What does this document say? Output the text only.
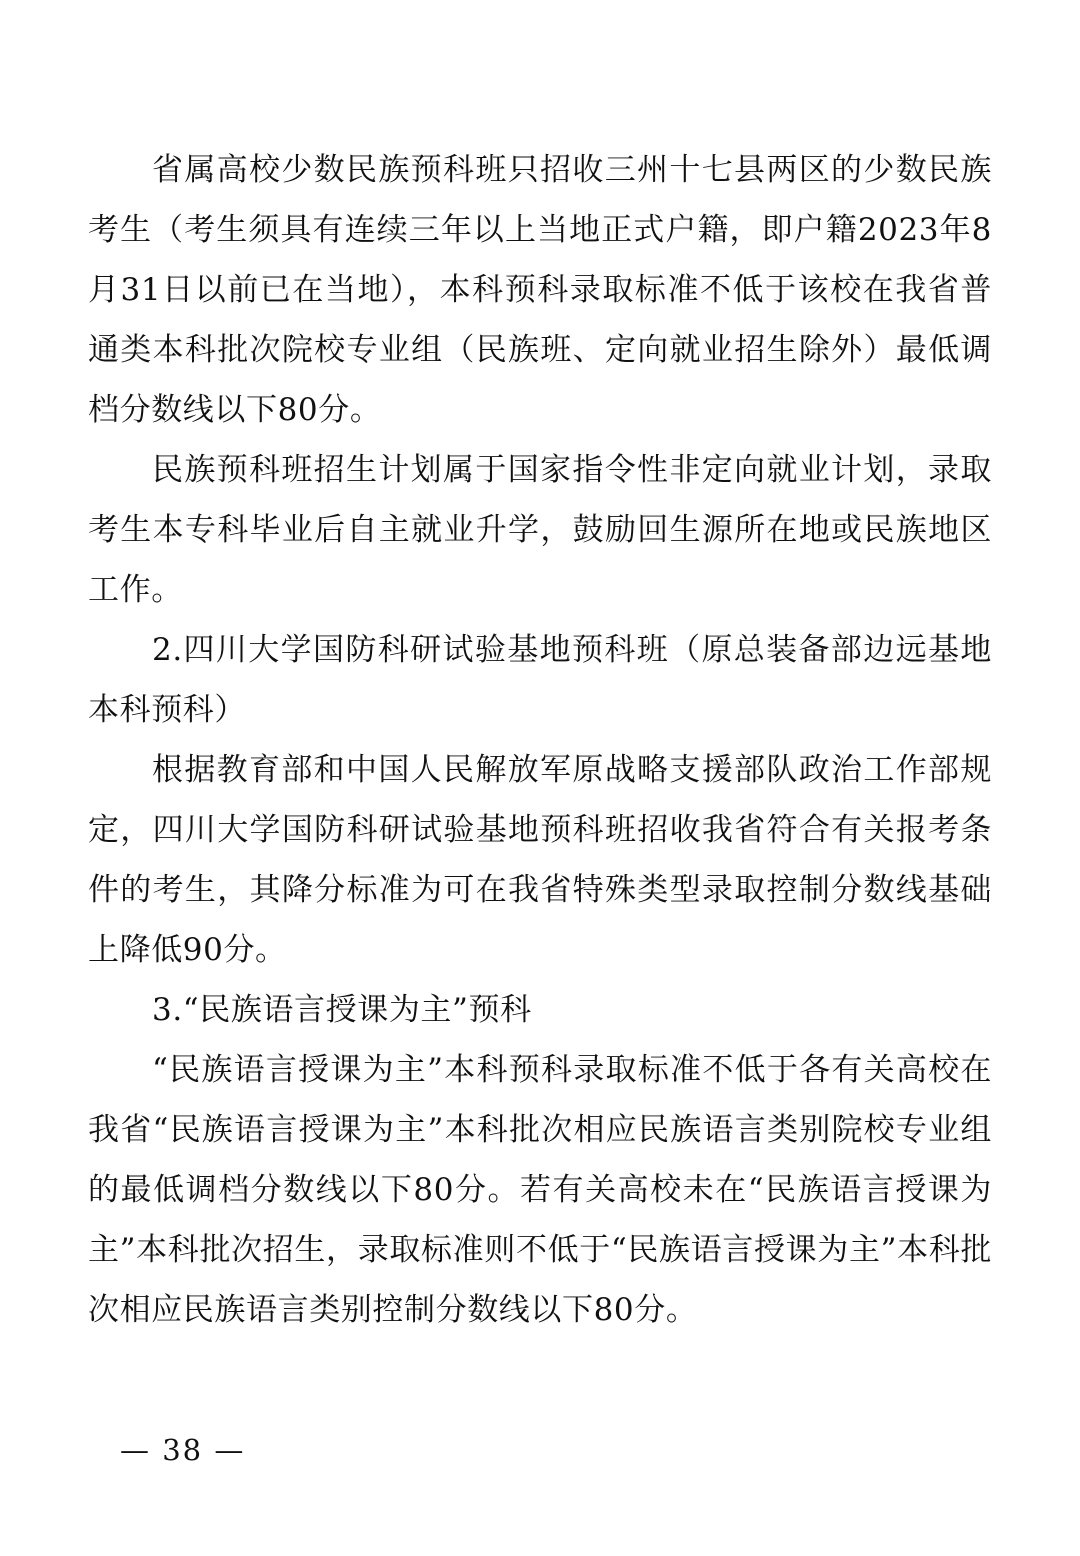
省属高校少数民族预科班只招收三州十七县两区的少数民族考生（考生须具有连续三年以上当地正式户籍，即户籍2023年8月31日以前已在当地），本科预科录取标准不低于该校在我省普通类本科批次院校专业组（民族班、定向就业招生除外）最低调档分数线以下80分。

民族预科班招生计划属于国家指令性非定向就业计划，录取考生本专科毕业后自主就业升学，鼓励回生源所在地或民族地区工作。

2.四川大学国防科研试验基地预科班（原总装备部边远基地本科预科）

根据教育部和中国人民解放军原战略支援部队政治工作部规定，四川大学国防科研试验基地预科班招收我省符合有关报考条件的考生，其降分标准为可在我省特殊类型录取控制分数线基础上降低90分。

3.“民族语言授课为主”预科

“民族语言授课为主”本科预科录取标准不低于各有关高校在我省“民族语言授课为主”本科批次相应民族语言类别院校专业组的最低调档分数线以下80分。若有关高校未在“民族语言授课为主”本科批次招生，录取标准则不低于“民族语言授课为主”本科批次相应民族语言类别控制分数线以下80分。

— 38 —
